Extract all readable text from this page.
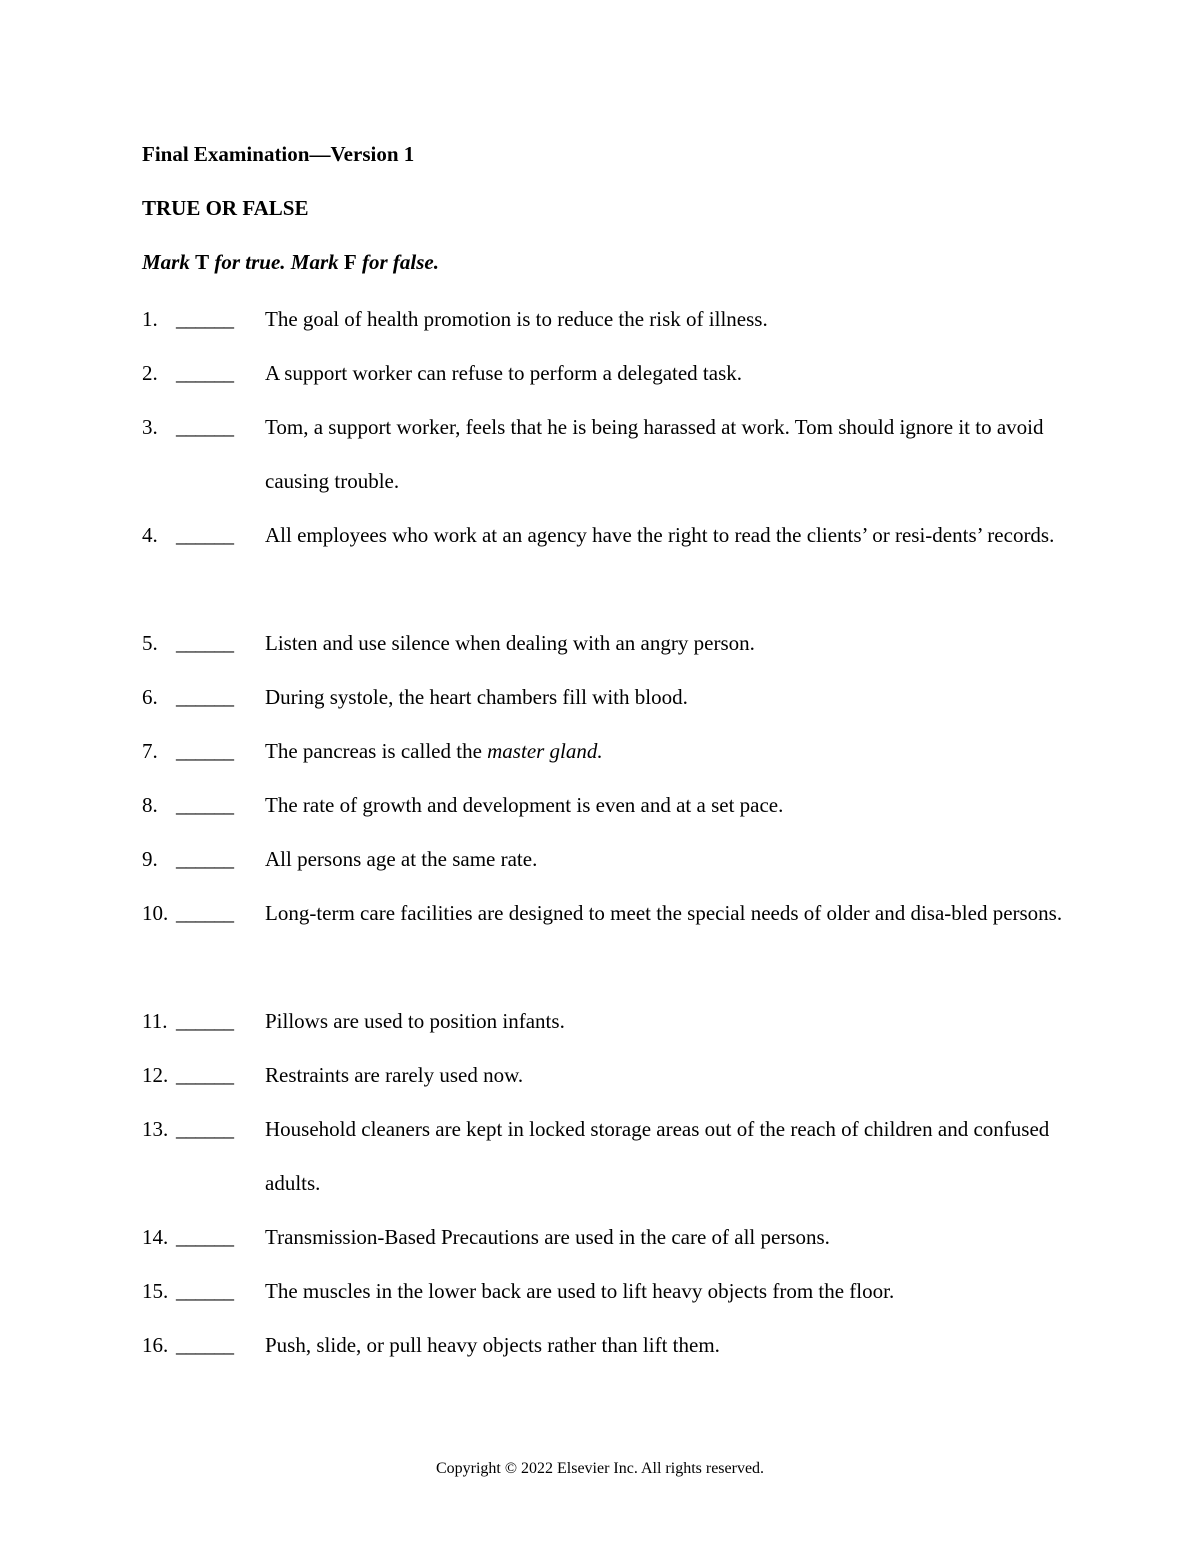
Final Examination—Version 1
TRUE OR FALSE
Mark T for true. Mark F for false.
1. ______ The goal of health promotion is to reduce the risk of illness.
2. ______ A support worker can refuse to perform a delegated task.
3. ______ Tom, a support worker, feels that he is being harassed at work. Tom should ignore it to avoid causing trouble.
4. ______ All employees who work at an agency have the right to read the clients’ or resi-dents’ records.
5. ______ Listen and use silence when dealing with an angry person.
6. ______ During systole, the heart chambers fill with blood.
7. ______ The pancreas is called the master gland.
8. ______ The rate of growth and development is even and at a set pace.
9. ______ All persons age at the same rate.
10. ______ Long-term care facilities are designed to meet the special needs of older and disa-bled persons.
11. ______ Pillows are used to position infants.
12. ______ Restraints are rarely used now.
13. ______ Household cleaners are kept in locked storage areas out of the reach of children and confused adults.
14. ______ Transmission-Based Precautions are used in the care of all persons.
15. ______ The muscles in the lower back are used to lift heavy objects from the floor.
16. ______ Push, slide, or pull heavy objects rather than lift them.
Copyright © 2022 Elsevier Inc. All rights reserved.
